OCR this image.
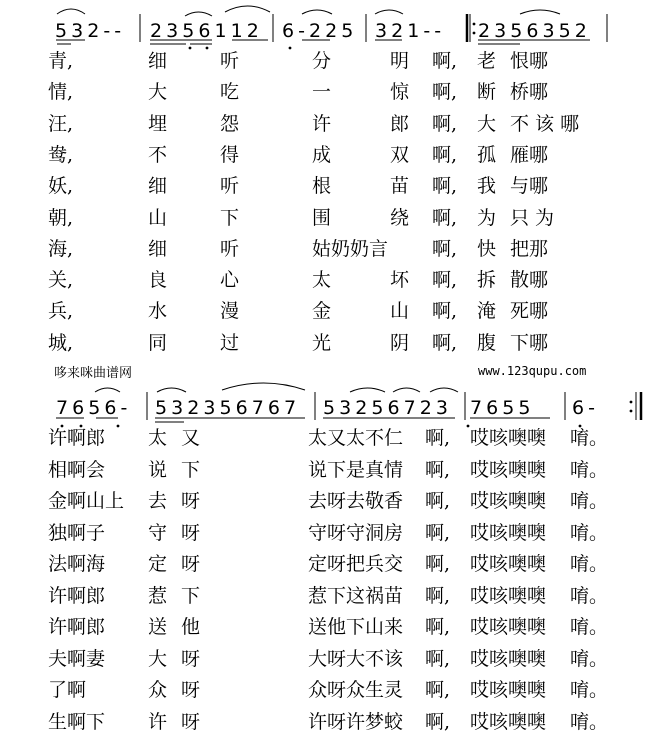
5 3 2 - - 2 3 5 6 1 1 2 6 - 2 2 5 3 2 1 - - 2 3 5 6 3 5 2
7 6 5 6 - 5 3 2 3 5 6 7 6 7 5 3 2 5 6 7 2 3 7 6 5 5 6 -
青,	细	听	分	明 啊, 老 恨哪
情,	大	吃	一	惊 啊, 断 桥哪
汪,	埋	怨	许	郎 啊, 大 不 该 哪
鸯,	不	得	成	双 啊, 孤 雁哪
妖,	细	听	根	苗 啊, 我 与哪
朝,	山	下	围	绕 啊, 为 只 为
海,	细	听	姑奶奶言 啊, 快 把那
关,	良	心	太	坏 啊, 拆 散哪
兵,	水	漫	金	山 啊, 淹 死哪
城,	同	过	光	阴 啊, 腹 下哪
哆来咪曲谱网	www.123qupu.com
许啊郎 太 又	太又太不仁 啊, 哎咳噢噢 唷。
相啊会 说 下	说下是真情 啊, 哎咳噢噢 唷。
金啊山上 去 呀	去呀去敬香 啊, 哎咳噢噢 唷。
独啊子 守 呀	守呀守洞房 啊, 哎咳噢噢 唷。
法啊海 定 呀	定呀把兵交 啊, 哎咳噢噢 唷。
许啊郎 惹 下	惹下这祸苗 啊, 哎咳噢噢 唷。
许啊郎 送 他	送他下山来 啊, 哎咳噢噢 唷。
夫啊妻 大 呀	大呀大不该 啊, 哎咳噢噢 唷。
了啊	众 呀	众呀众生灵 啊, 哎咳噢噢 唷。
生啊下 许 呀	许呀许梦蛟 啊, 哎咳噢噢 唷。
